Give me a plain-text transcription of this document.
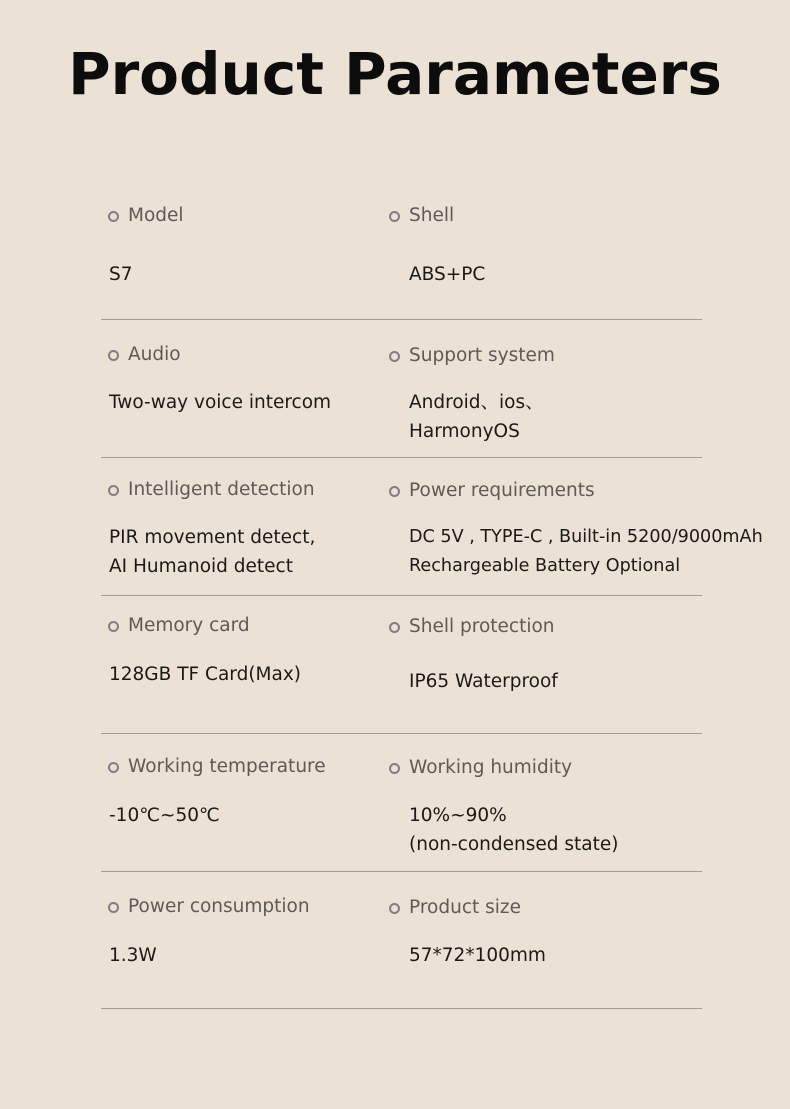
Product Parameters
Model
S7
Shell
ABS+PC
Audio
Two-way voice intercom
Support system
Android、ios、
HarmonyOS
Intelligent detection
PIR movement detect,
AI Humanoid detect
Power requirements
DC 5V , TYPE-C , Built-in 5200/9000mAh
Rechargeable Battery Optional
Memory card
128GB TF Card(Max)
Shell protection
IP65 Waterproof
Working temperature
-10℃~50℃
Working humidity
10%~90%
(non-condensed state)
Power consumption
1.3W
Product size
57*72*100mm
